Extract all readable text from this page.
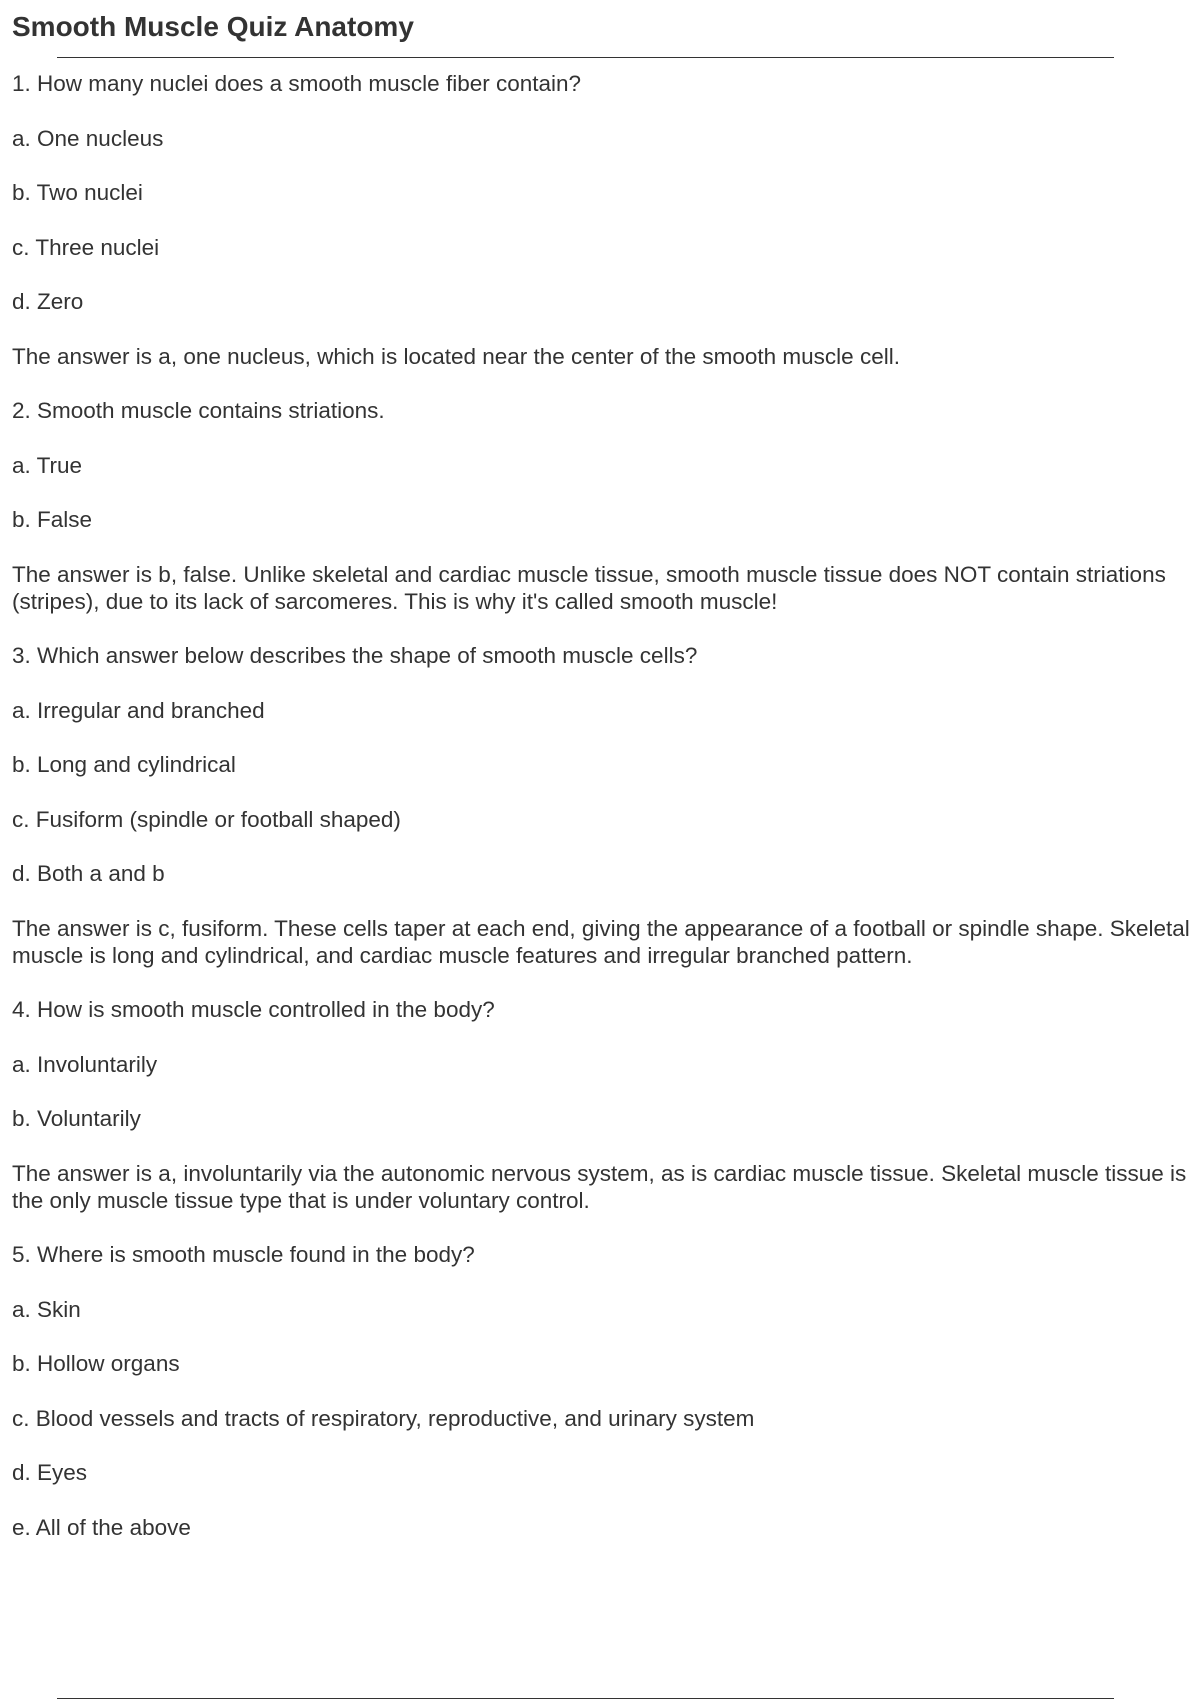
Smooth Muscle Quiz Anatomy

1. How many nuclei does a smooth muscle fiber contain?

a. One nucleus

b. Two nuclei

c. Three nuclei

d. Zero

The answer is a, one nucleus, which is located near the center of the smooth muscle cell.

2. Smooth muscle contains striations.

a. True

b. False

The answer is b, false. Unlike skeletal and cardiac muscle tissue, smooth muscle tissue does NOT contain striations (stripes), due to its lack of sarcomeres. This is why it's called smooth muscle!

3. Which answer below describes the shape of smooth muscle cells?

a. Irregular and branched

b. Long and cylindrical

c. Fusiform (spindle or football shaped)

d. Both a and b

The answer is c, fusiform. These cells taper at each end, giving the appearance of a football or spindle shape. Skeletal muscle is long and cylindrical, and cardiac muscle features and irregular branched pattern.

4. How is smooth muscle controlled in the body?

a. Involuntarily

b. Voluntarily

The answer is a, involuntarily via the autonomic nervous system, as is cardiac muscle tissue. Skeletal muscle tissue is the only muscle tissue type that is under voluntary control.

5. Where is smooth muscle found in the body?

a. Skin

b. Hollow organs

c. Blood vessels and tracts of respiratory, reproductive, and urinary system

d. Eyes

e. All of the above
